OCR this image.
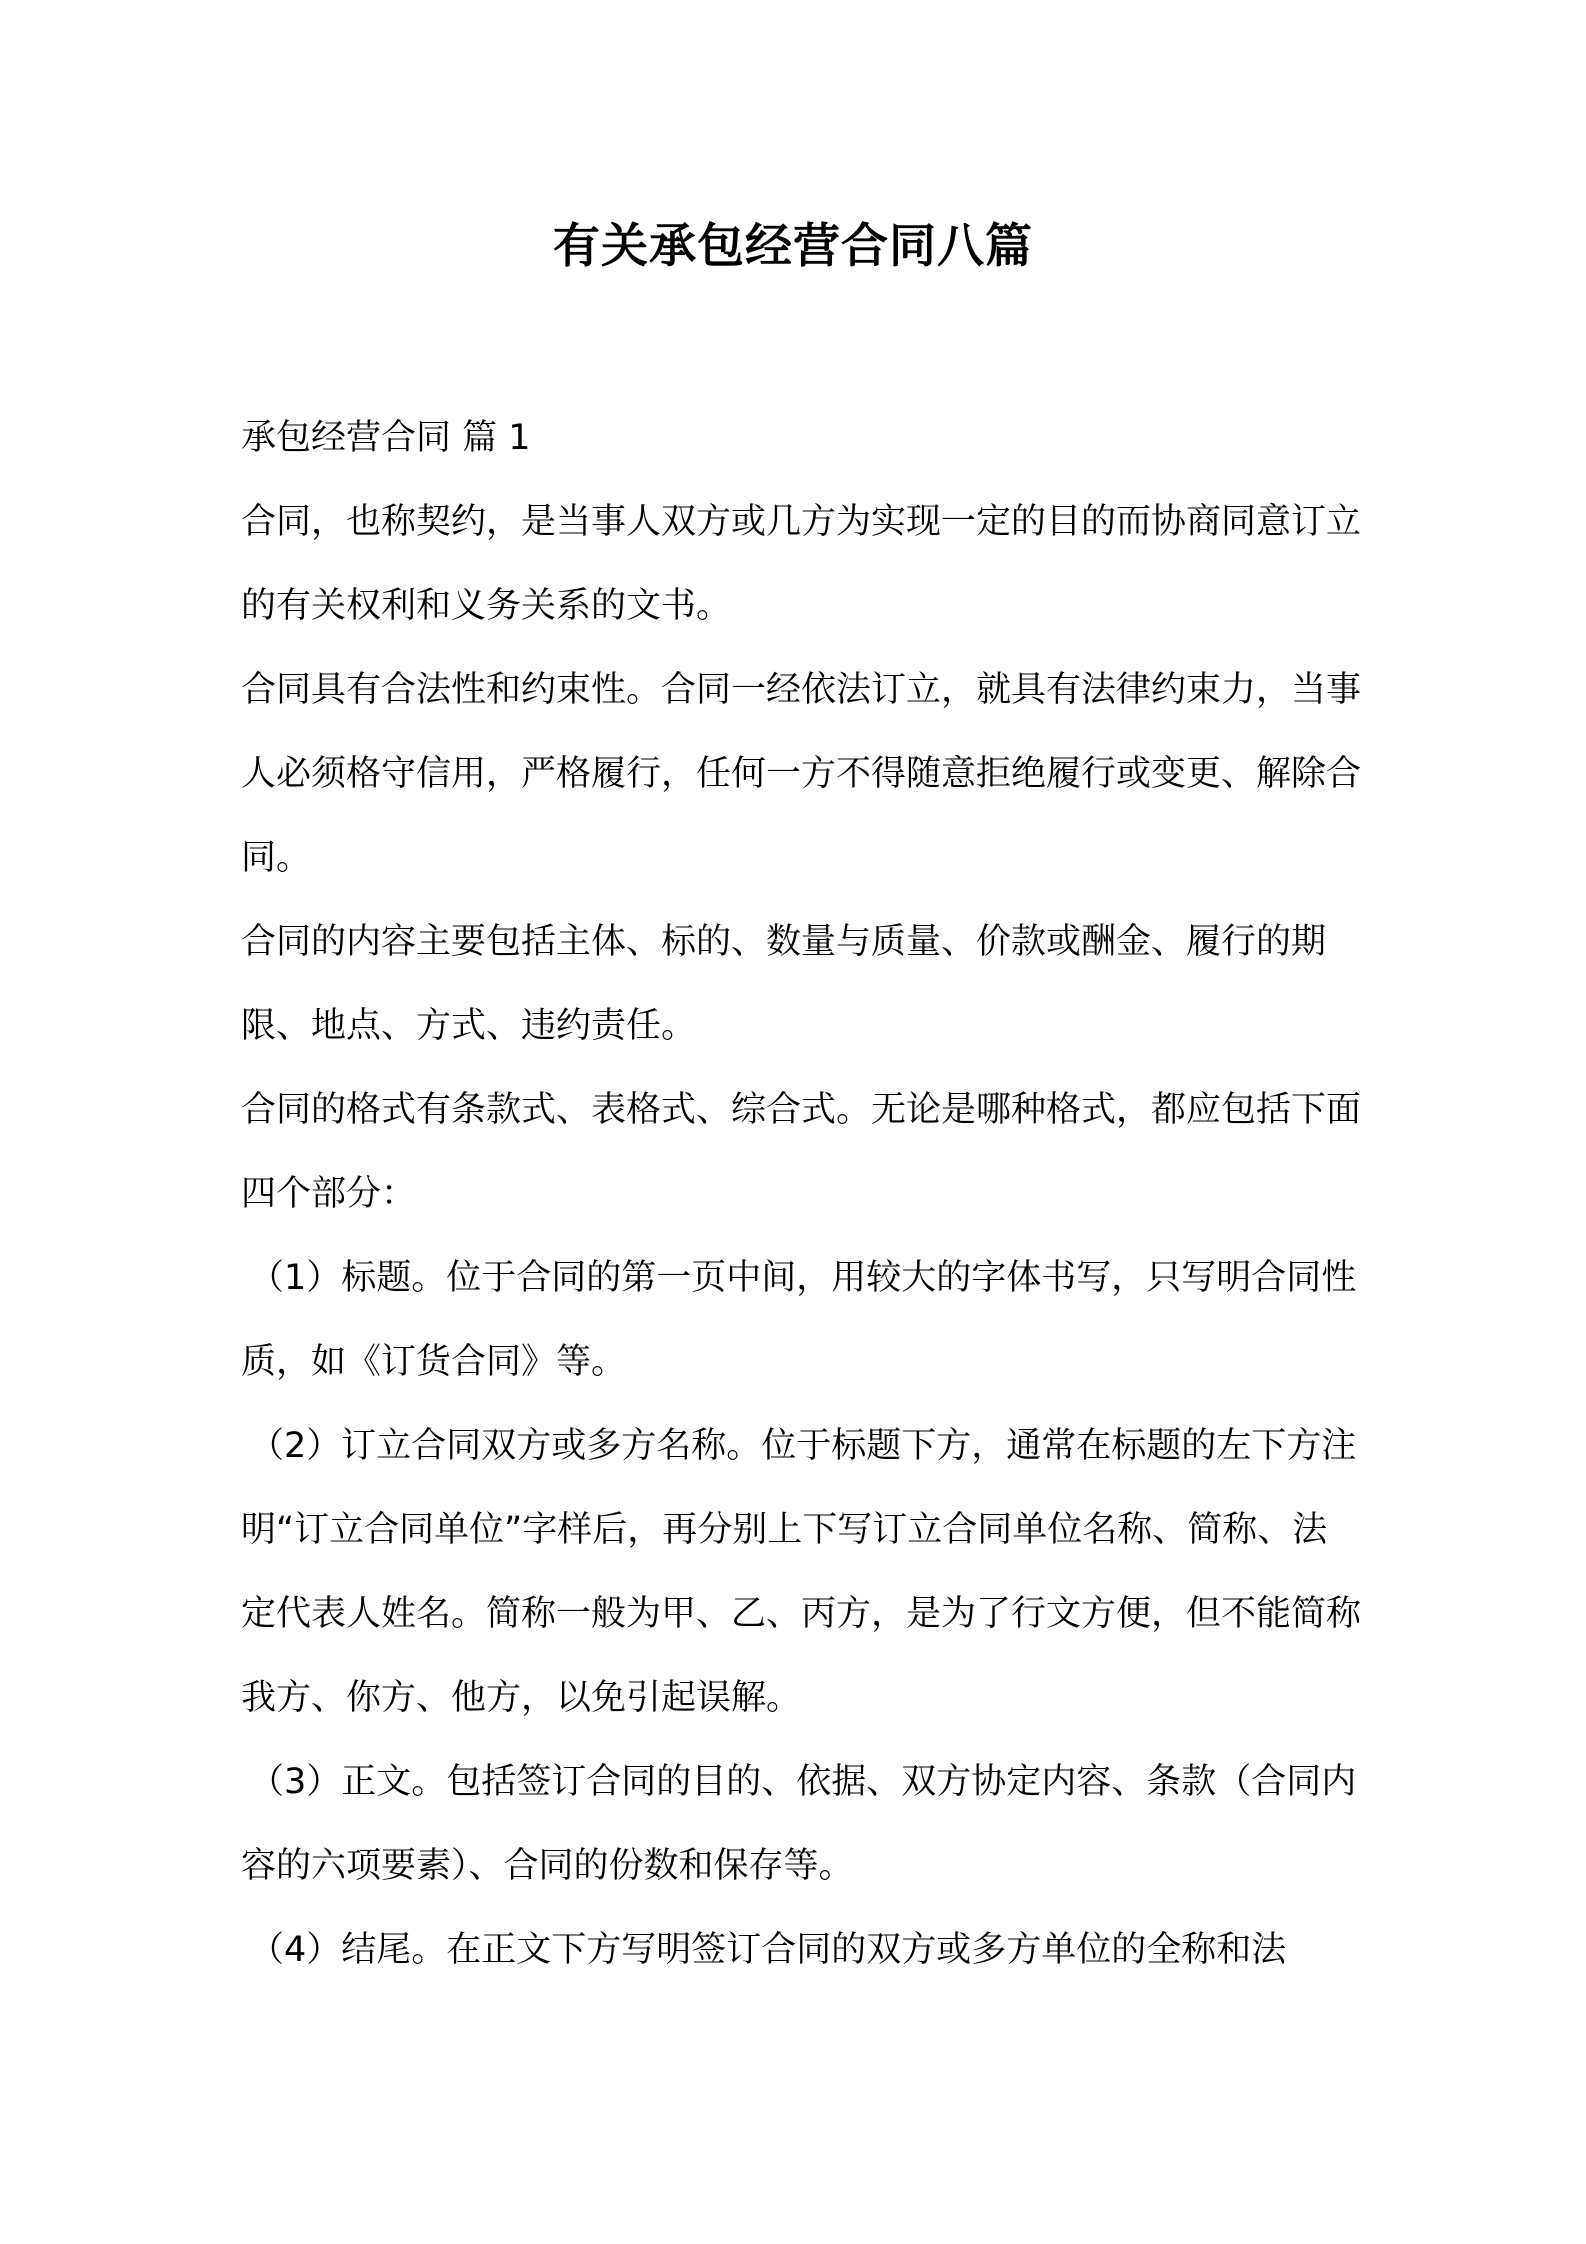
有关承包经营合同八篇
承包经营合同 篇 1

合同，也称契约，是当事人双方或几方为实现一定的目的而协商同意订立的有关权利和义务关系的文书。

合同具有合法性和约束性。合同一经依法订立，就具有法律约束力，当事人必须格守信用，严格履行，任何一方不得随意拒绝履行或变更、解除合同。

合同的内容主要包括主体、标的、数量与质量、价款或酬金、履行的期限、地点、方式、违约责任。

合同的格式有条款式、表格式、综合式。无论是哪种格式，都应包括下面四个部分：

（1）标题。位于合同的第一页中间，用较大的字体书写，只写明合同性质，如《订货合同》等。

（2）订立合同双方或多方名称。位于标题下方，通常在标题的左下方注明“订立合同单位”字样后，再分别上下写订立合同单位名称、简称、法定代表人姓名。简称一般为甲、乙、丙方，是为了行文方便，但不能简称我方、你方、他方，以免引起误解。

（3）正文。包括签订合同的目的、依据、双方协定内容、条款（合同内容的六项要素）、合同的份数和保存等。

（4）结尾。在正文下方写明签订合同的双方或多方单位的全称和法
